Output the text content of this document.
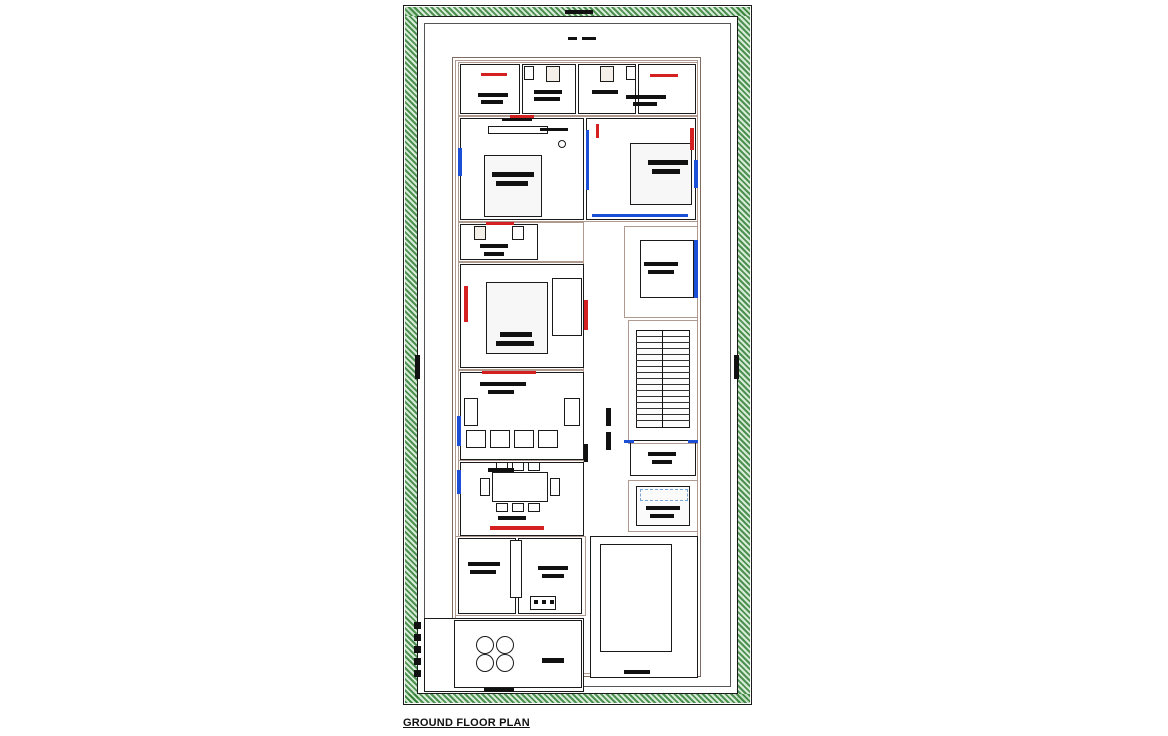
GROUND FLOOR PLAN
